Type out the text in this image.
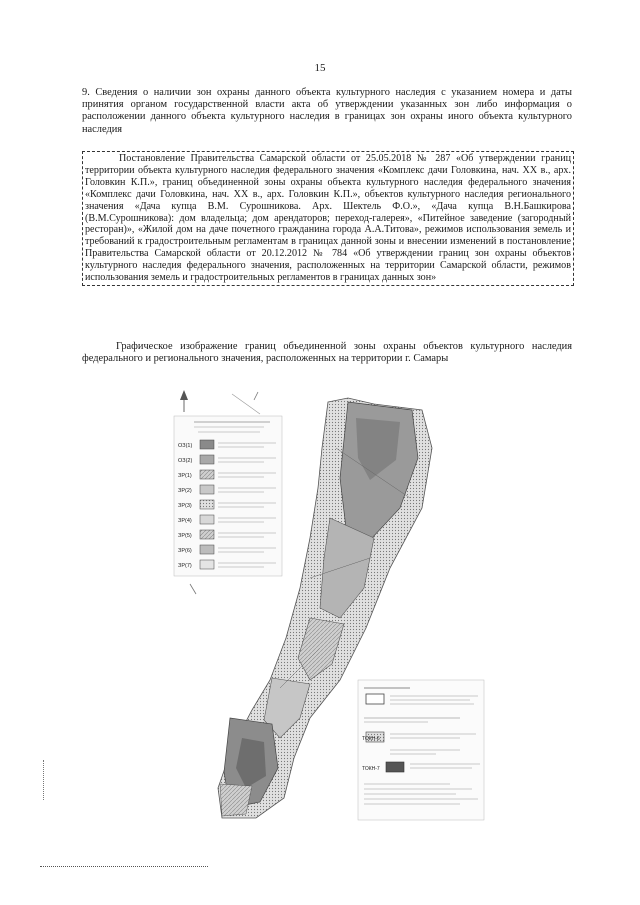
15
9. Сведения о наличии зон охраны данного объекта культурного наследия с указанием номера и даты принятия органом государственной власти акта об утверждении указанных зон либо информация о расположении данного объекта культурного наследия в границах зон охраны иного объекта культурного наследия
Постановление Правительства Самарской области от 25.05.2018 № 287 «Об утверждении границ территории объекта культурного наследия федерального значения «Комплекс дачи Головкина, нач. XX в., арх. Головкин К.П.», границ объединенной зоны охраны объекта культурного наследия федерального значения «Комплекс дачи Головкина, нач. XX в., арх. Головкин К.П.», объектов культурного наследия регионального значения «Дача купца В.М. Сурошникова. Арх. Шектель Ф.О.», «Дача купца В.Н.Башкирова (В.М.Сурошникова): дом владельца; дом арендаторов; переход-галерея», «Питейное заведение (загородный ресторан)», «Жилой дом на даче почетного гражданина города А.А.Титова», режимов использования земель и требований к градостроительным регламентам в границах данной зоны и внесении изменений в постановление Правительства Самарской области от 20.12.2012 № 784 «Об утверждении границ зон охраны объектов культурного наследия федерального значения, расположенных на территории Самарской области, режимов использования земель и градостроительных регламентов в границах данных зон»
Графическое изображение границ объединенной зоны охраны объектов культурного наследия федерального и регионального значения, расположенных на территории г. Самары
ОЗ(1)
ОЗ(2)
ЗР(1)
ЗР(2)
ЗР(3)
ЗР(4)
ЗР(5)
ЗР(6)
ЗР(7)
ТОКН-6
ТОКН-7
